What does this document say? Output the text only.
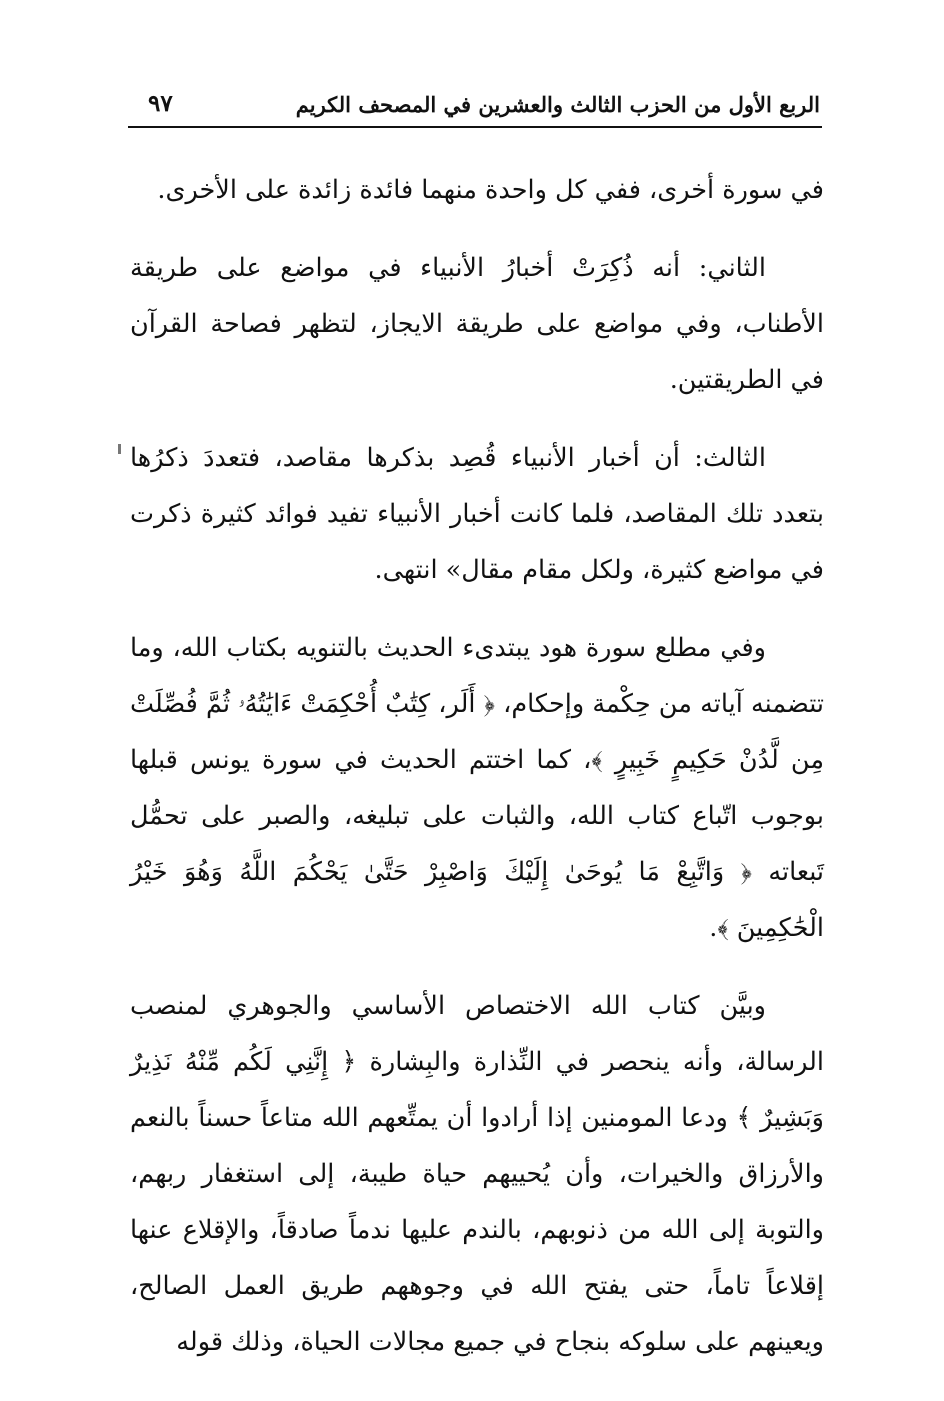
الربع الأول من الحزب الثالث والعشرين في المصحف الكريم
٩٧

في سورة أخرى، ففي كل واحدة منهما فائدة زائدة على الأخرى.

الثاني: أنه ذُكِرَتْ أخبارُ الأنبياء في مواضع على طريقة الأطناب، وفي مواضع على طريقة الايجاز، لتظهر فصاحة القرآن في الطريقتين.

الثالث: أن أخبار الأنبياء قُصِد بذكرها مقاصد، فتعددَ ذكرُها بتعدد تلك المقاصد، فلما كانت أخبار الأنبياء تفيد فوائد كثيرة ذكرت في مواضع كثيرة، ولكل مقام مقال» انتهى.

وفي مطلع سورة هود يبتدىء الحديث بالتنويه بكتاب الله، وما تتضمنه آياته من حِكْمة وإحكام، ﴿ أَلَر، كِتَٰبٌ أُحْكِمَتْ ءَايَٰتُهُۥ ثُمَّ فُصِّلَتْ مِن لَّدُنْ حَكِيمٍ خَبِيرٍ ﴾، كما اختتم الحديث في سورة يونس قبلها بوجوب اتّباع كتاب الله، والثبات على تبليغه، والصبر على تحمُّل تَبعاته ﴿ وَاتَّبِعْ مَا يُوحَىٰ إِلَيْكَ وَاصْبِرْ حَتَّىٰ يَحْكُمَ اللَّهُ وَهُوَ خَيْرُ الْحَٰكِمِينَ ﴾.

وبيَّن كتاب الله الاختصاص الأساسي والجوهري لمنصب الرسالة، وأنه ينحصر في النِّذارة والبِشارة ﴿ إِنَّنِي لَكُم مِّنْهُ نَذِيرٌ وَبَشِيرٌ ﴾ ودعا المومنين إذا أرادوا أن يمتِّعهم الله متاعاً حسناً بالنعم والأرزاق والخيرات، وأن يُحييهم حياة طيبة، إلى استغفار ربهم، والتوبة إلى الله من ذنوبهم، بالندم عليها ندماً صادقاً، والإقلاع عنها إقلاعاً تاماً، حتى يفتح الله في وجوههم طريق العمل الصالح، ويعينهم على سلوكه بنجاح في جميع مجالات الحياة، وذلك قوله
